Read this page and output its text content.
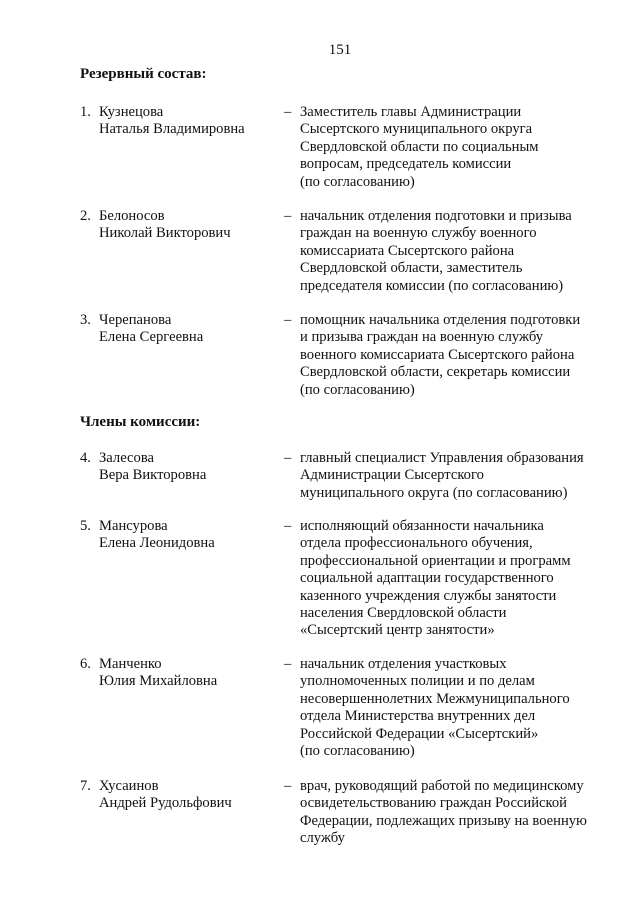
151
Резервный состав:
1. Кузнецова
Наталья Владимировна
– Заместитель главы Администрации
Сысертского муниципального округа
Свердловской области по социальным
вопросам, председатель комиссии
(по согласованию)
2. Белоносов
Николай Викторович
– начальник отделения подготовки и призыва
граждан на военную службу военного
комиссариата Сысертского района
Свердловской области, заместитель
председателя комиссии (по согласованию)
3. Черепанова
Елена Сергеевна
– помощник начальника отделения подготовки
и призыва граждан на военную службу
военного комиссариата Сысертского района
Свердловской области, секретарь комиссии
(по согласованию)
Члены комиссии:
4. Залесова
Вера Викторовна
– главный специалист Управления образования
Администрации Сысертского
муниципального округа (по согласованию)
5. Мансурова
Елена Леонидовна
– исполняющий обязанности начальника
отдела профессионального обучения,
профессиональной ориентации и программ
социальной адаптации государственного
казенного учреждения службы занятости
населения Свердловской области
«Сысертский центр занятости»
6. Манченко
Юлия Михайловна
– начальник отделения участковых
уполномоченных полиции и по делам
несовершеннолетних Межмуниципального
отдела Министерства внутренних дел
Российской Федерации «Сысертский»
(по согласованию)
7. Хусаинов
Андрей Рудольфович
– врач, руководящий работой по медицинскому
освидетельствованию граждан Российской
Федерации, подлежащих призыву на военную
службу
